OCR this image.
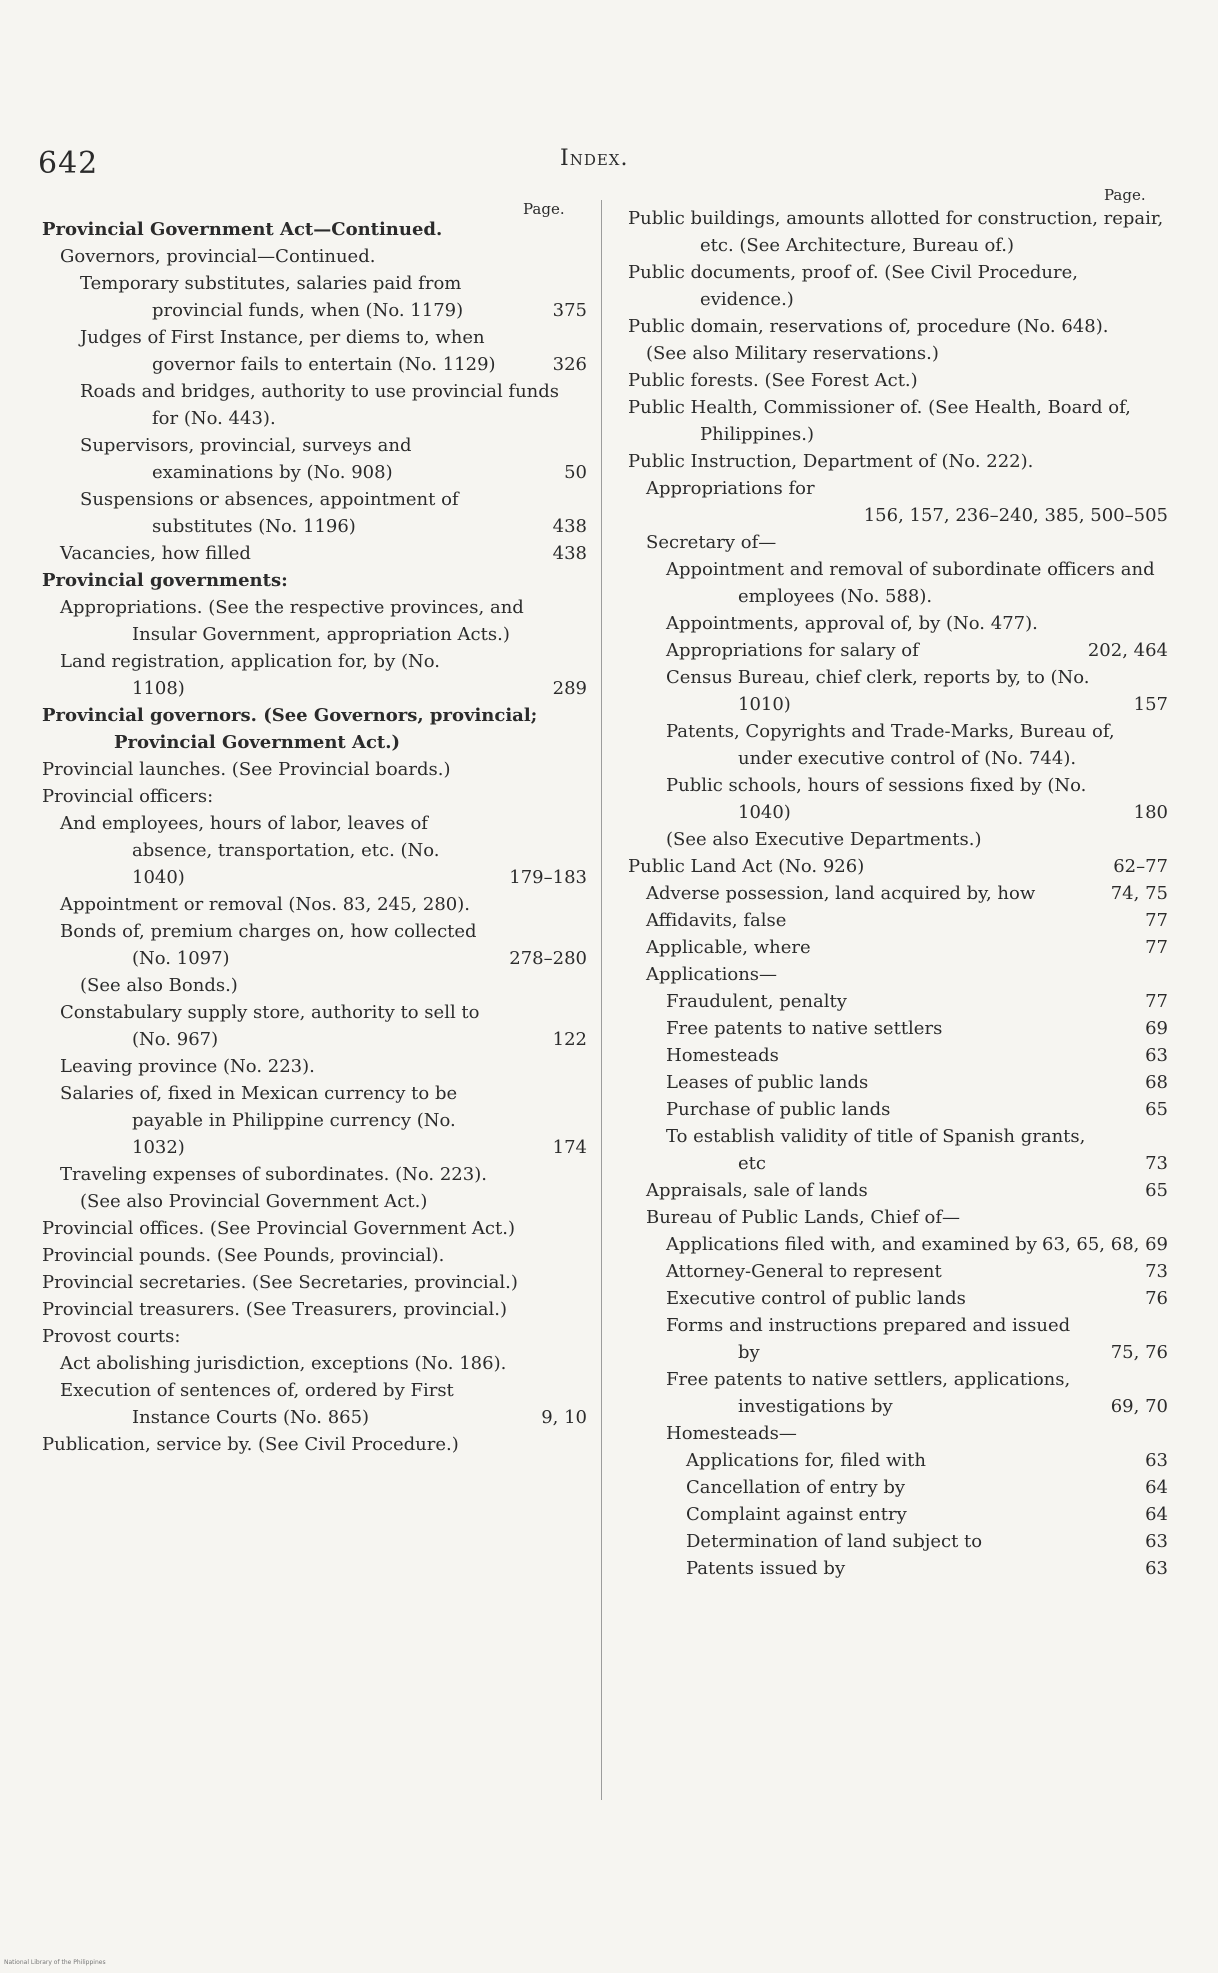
642	Index.
Page.
Page.

Provincial Government Act—Continued.

Governors, provincial—Continued.

Temporary substitutes, salaries paid from provincial funds, when (No. 1179)	375

Judges of First Instance, per diems to, when governor fails to entertain (No. 1129)	326

Roads and bridges, authority to use provincial funds for (No. 443).

Supervisors, provincial, surveys and examinations by (No. 908)	50

Suspensions or absences, appointment of substitutes (No. 1196)	438

Vacancies, how filled	438

Provincial governments:

Appropriations. (See the respective provinces, and Insular Government, appropriation Acts.)

Land registration, application for, by (No. 1108)	289

Provincial governors. (See Governors, provincial; Provincial Government Act.)

Provincial launches. (See Provincial boards.)

Provincial officers:

And employees, hours of labor, leaves of absence, transportation, etc. (No. 1040)	179–183

Appointment or removal (Nos. 83, 245, 280).

Bonds of, premium charges on, how collected (No. 1097)	278–280

(See also Bonds.)

Constabulary supply store, authority to sell to (No. 967)	122

Leaving province (No. 223).

Salaries of, fixed in Mexican currency to be payable in Philippine currency (No. 1032)	174

Traveling expenses of subordinates. (No. 223).

(See also Provincial Government Act.)

Provincial offices. (See Provincial Government Act.)

Provincial pounds. (See Pounds, provincial).

Provincial secretaries. (See Secretaries, provincial.)

Provincial treasurers. (See Treasurers, provincial.)

Provost courts:

Act abolishing jurisdiction, exceptions (No. 186).

Execution of sentences of, ordered by First Instance Courts (No. 865)	9, 10

Publication, service by. (See Civil Procedure.)

Public buildings, amounts allotted for construction, repair, etc. (See Architecture, Bureau of.)

Public documents, proof of. (See Civil Procedure, evidence.)

Public domain, reservations of, procedure (No. 648).

(See also Military reservations.)

Public forests. (See Forest Act.)

Public Health, Commissioner of. (See Health, Board of, Philippines.)

Public Instruction, Department of (No. 222).

Appropriations for
156, 157, 236–240, 385, 500–505

Secretary of—

Appointment and removal of subordinate officers and employees (No. 588).

Appointments, approval of, by (No. 477).

Appropriations for salary of	202, 464

Census Bureau, chief clerk, reports by, to (No. 1010)	157

Patents, Copyrights and Trade-Marks, Bureau of, under executive control of (No. 744).

Public schools, hours of sessions fixed by (No. 1040)	180

(See also Executive Departments.)

Public Land Act (No. 926)	62–77

Adverse possession, land acquired by, how	74, 75

Affidavits, false	77

Applicable, where	77

Applications—

Fraudulent, penalty	77

Free patents to native settlers	69

Homesteads	63

Leases of public lands	68

Purchase of public lands	65

To establish validity of title of Spanish grants, etc	73

Appraisals, sale of lands	65

Bureau of Public Lands, Chief of—

Applications filed with, and examined by 63, 65, 68, 69

Attorney-General to represent	73

Executive control of public lands	76

Forms and instructions prepared and issued by	75, 76

Free patents to native settlers, applications, investigations by	69, 70

Homesteads—

Applications for, filed with	63

Cancellation of entry by	64

Complaint against entry	64

Determination of land subject to	63

Patents issued by	63

National Library of the Philippines
